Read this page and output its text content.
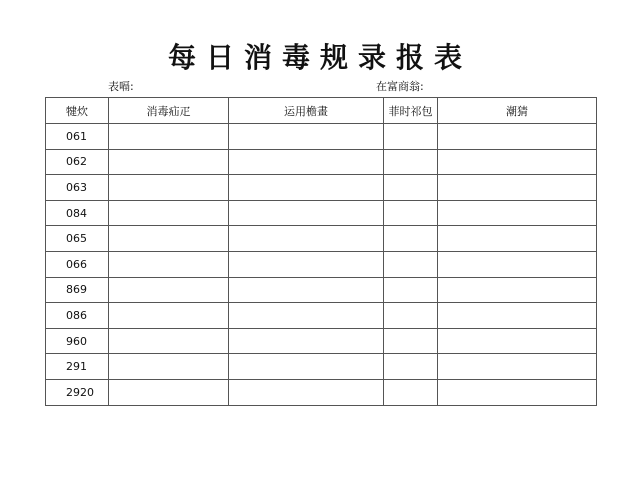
每日消毒规录报表
表嗝:	在富商翁:
犍炊	消毒疝疋	运用檐畫	菲时祁包	潮猜
061				
062				
063				
084				
065				
066				
869				
086				
960				
291				
2920				
